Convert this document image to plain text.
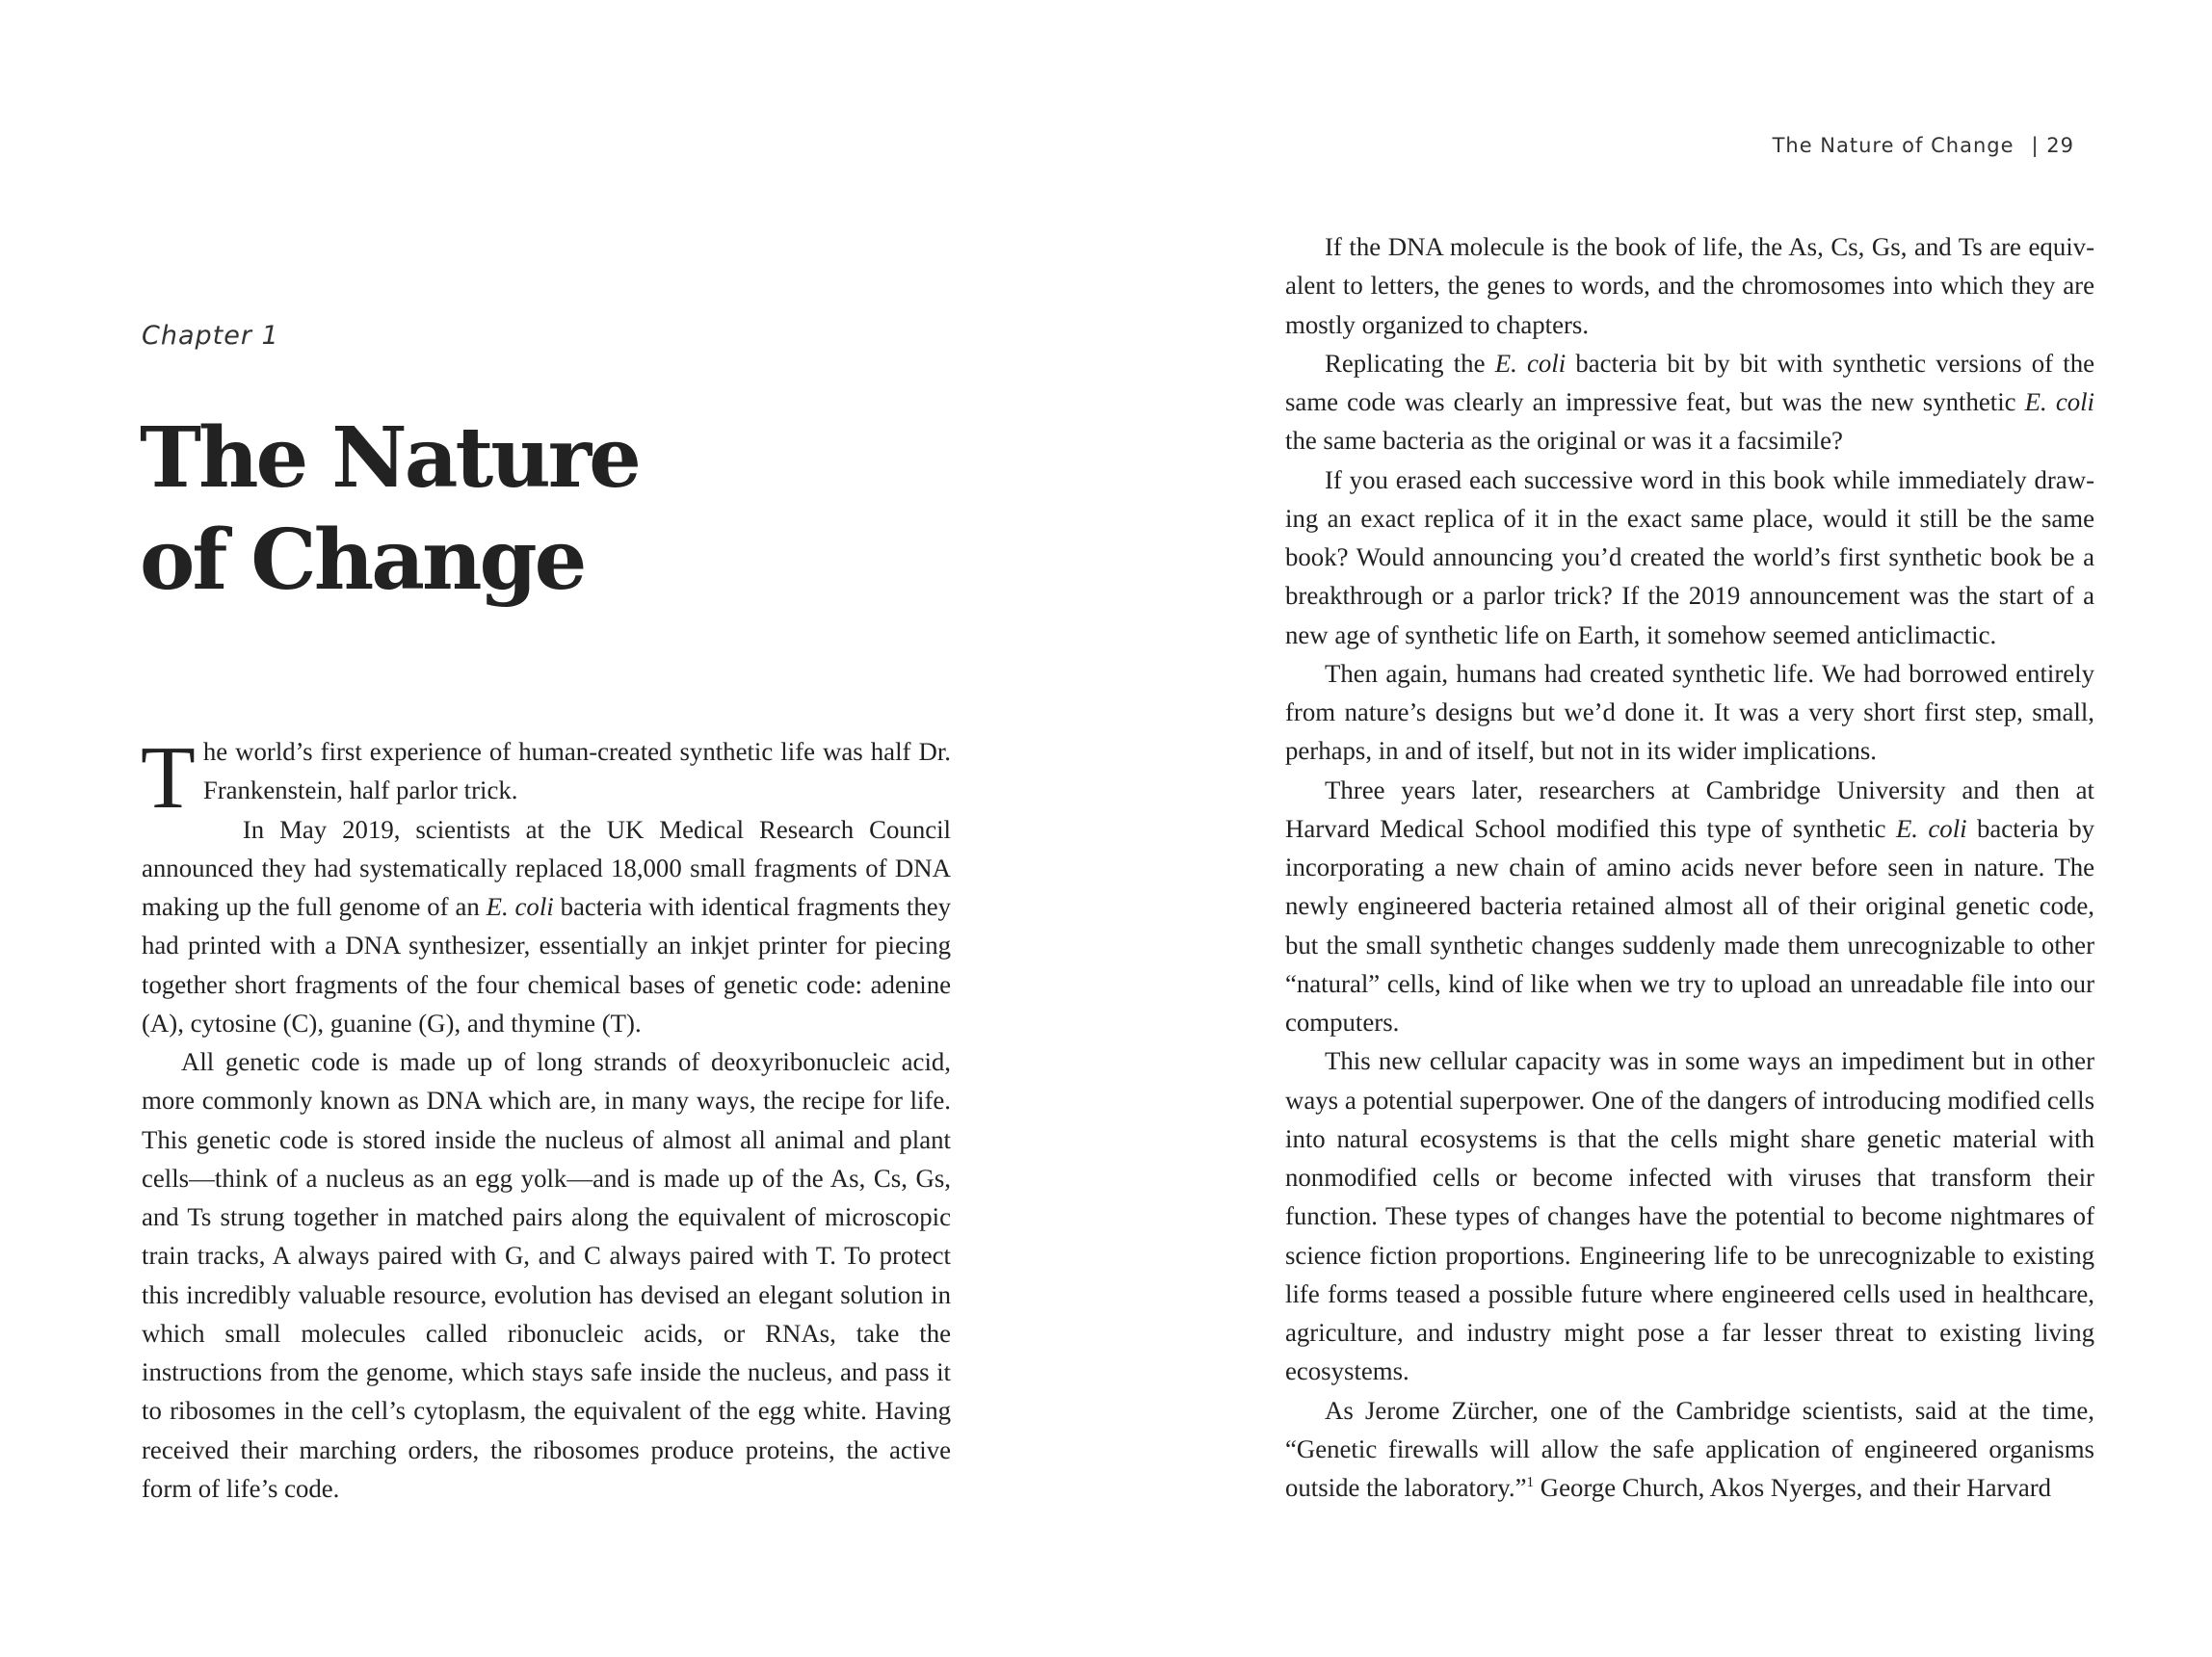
Chapter 1
The Nature
of Change

The world’s first experience of human-created synthetic life was half Dr. Frankenstein, half parlor trick.

In May 2019, scientists at the UK Medical Research Council announced they had systematically replaced 18,000 small fragments of DNA making up the full genome of an E. coli bacteria with identical fragments they had printed with a DNA synthesizer, essentially an inkjet printer for piecing together short fragments of the four chemical bases of genetic code: adenine (A), cytosine (C), guanine (G), and thymine (T).

All genetic code is made up of long strands of deoxyribonucleic acid, more commonly known as DNA which are, in many ways, the recipe for life. This genetic code is stored inside the nucleus of almost all animal and plant cells—think of a nucleus as an egg yolk—and is made up of the As, Cs, Gs, and Ts strung together in matched pairs along the equivalent of microscopic train tracks, A always paired with G, and C always paired with T. To protect this incredibly valuable resource, evolution has devised an elegant solution in which small molecules called ribonucleic acids, or RNAs, take the instructions from the genome, which stays safe inside the nucleus, and pass it to ribosomes in the cell’s cytoplasm, the equivalent of the egg white. Having received their marching orders, the ribosomes produce proteins, the active form of life’s code.

The Nature of Change | 29

If the DNA molecule is the book of life, the As, Cs, Gs, and Ts are equivalent to letters, the genes to words, and the chromosomes into which they are mostly organized to chapters.

Replicating the E. coli bacteria bit by bit with synthetic versions of the same code was clearly an impressive feat, but was the new synthetic E. coli the same bacteria as the original or was it a facsimile?

If you erased each successive word in this book while immediately drawing an exact replica of it in the exact same place, would it still be the same book? Would announcing you’d created the world’s first synthetic book be a breakthrough or a parlor trick? If the 2019 announcement was the start of a new age of synthetic life on Earth, it somehow seemed anticlimactic.

Then again, humans had created synthetic life. We had borrowed entirely from nature’s designs but we’d done it. It was a very short first step, small, perhaps, in and of itself, but not in its wider implications.

Three years later, researchers at Cambridge University and then at Harvard Medical School modified this type of synthetic E. coli bacteria by incorporating a new chain of amino acids never before seen in nature. The newly engineered bacteria retained almost all of their original genetic code, but the small synthetic changes suddenly made them unrecognizable to other “natural” cells, kind of like when we try to upload an unreadable file into our computers.

This new cellular capacity was in some ways an impediment but in other ways a potential superpower. One of the dangers of introducing modified cells into natural ecosystems is that the cells might share genetic material with nonmodified cells or become infected with viruses that transform their function. These types of changes have the potential to become nightmares of science fiction proportions. Engineering life to be unrecognizable to existing life forms teased a possible future where engineered cells used in healthcare, agriculture, and industry might pose a far lesser threat to existing living ecosystems.

As Jerome Zürcher, one of the Cambridge scientists, said at the time, “Genetic firewalls will allow the safe application of engineered organisms outside the laboratory.”$^1$ George Church, Akos Nyerges, and their Harvard
